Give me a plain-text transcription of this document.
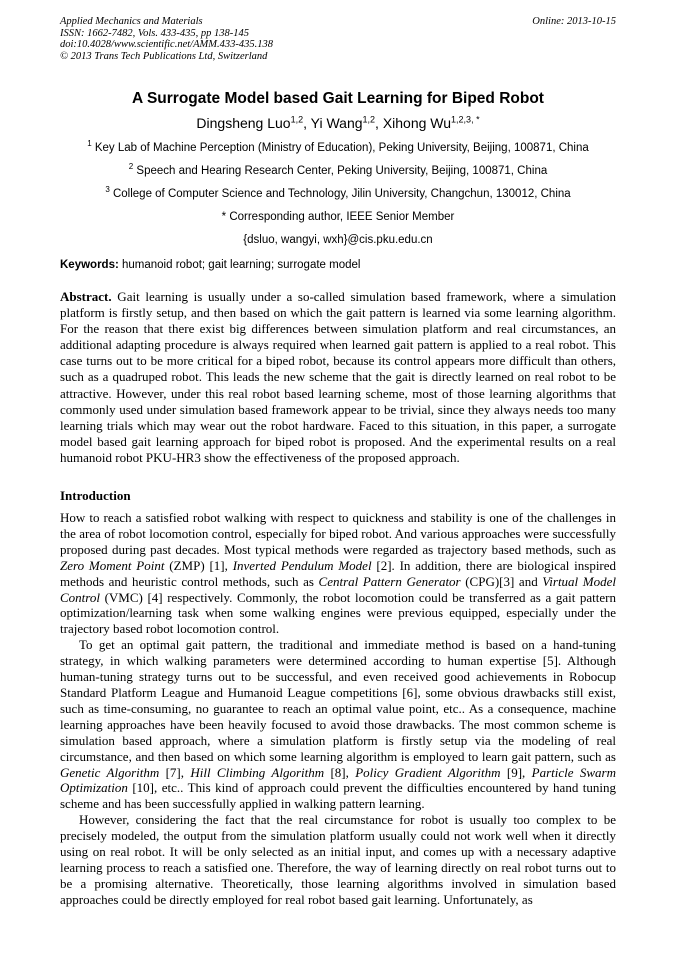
Applied Mechanics and Materials
ISSN: 1662-7482, Vols. 433-435, pp 138-145
doi:10.4028/www.scientific.net/AMM.433-435.138
© 2013 Trans Tech Publications Ltd, Switzerland
Online: 2013-10-15
A Surrogate Model based Gait Learning for Biped Robot
Dingsheng Luo$^{1,2}$, Yi Wang$^{1,2}$, Xihong $Wu^{1,2,3, *}$
$^1$ Key Lab of Machine Perception (Ministry of Education), Peking University, Beijing, 100871, China
$^2$ Speech and Hearing Research Center, Peking University, Beijing, 100871, China
$^3$ College of Computer Science and Technology, Jilin University, Changchun, 130012, China
* Corresponding author, IEEE Senior Member
{dsluo, wangyi, wxh}@cis.pku.edu.cn
Keywords: humanoid robot; gait learning; surrogate model

Abstract. Gait learning is usually under a so-called simulation based framework, where a simulation platform is firstly setup, and then based on which the gait pattern is learned via some learning algorithm. For the reason that there exist big differences between simulation platform and real circumstances, an additional adapting procedure is always required when learned gait pattern is applied to a real robot. This case turns out to be more critical for a biped robot, because its control appears more difficult than others, such as a quadruped robot. This leads the new scheme that the gait is directly learned on real robot to be attractive. However, under this real robot based learning scheme, most of those learning algorithms that commonly used under simulation based framework appear to be trivial, since they always needs too many learning trials which may wear out the robot hardware. Faced to this situation, in this paper, a surrogate model based gait learning approach for biped robot is proposed. And the experimental results on a real humanoid robot PKU-HR3 show the effectiveness of the proposed approach.

Introduction

How to reach a satisfied robot walking with respect to quickness and stability is one of the challenges in the area of robot locomotion control, especially for biped robot. And various approaches were successfully proposed during past decades. Most typical methods were regarded as trajectory based methods, such as Zero Moment Point (ZMP) [1], Inverted Pendulum Model [2]. In addition, there are biological inspired methods and heuristic control methods, such as Central Pattern Generator (CPG)[3] and Virtual Model Control (VMC) [4] respectively. Commonly, the robot locomotion could be transferred as a gait pattern optimization/learning task when some walking engines were previous equipped, especially under the trajectory based robot locomotion control.

To get an optimal gait pattern, the traditional and immediate method is based on a hand-tuning strategy, in which walking parameters were determined according to human expertise [5]. Although human-tuning strategy turns out to be successful, and even received good achievements in Robocup Standard Platform League and Humanoid League competitions [6], some obvious drawbacks still exist, such as time-consuming, no guarantee to reach an optimal value point, etc.. As a consequence, machine learning approaches have been heavily focused to avoid those drawbacks. The most common scheme is simulation based approach, where a simulation platform is firstly setup via the modeling of real circumstance, and then based on which some learning algorithm is employed to learn gait pattern, such as Genetic Algorithm [7], Hill Climbing Algorithm [8], Policy Gradient Algorithm [9], Particle Swarm Optimization [10], etc.. This kind of approach could prevent the difficulties encountered by hand tuning scheme and has been successfully applied in walking pattern learning.

However, considering the fact that the real circumstance for robot is usually too complex to be precisely modeled, the output from the simulation platform usually could not work well when it directly using on real robot. It will be only selected as an initial input, and comes up with a necessary adaptive learning process to reach a satisfied one. Therefore, the way of learning directly on real robot turns out to be a promising alternative. Theoretically, those learning algorithms involved in simulation based approaches could be directly employed for real robot based gait learning. Unfortunately, as
